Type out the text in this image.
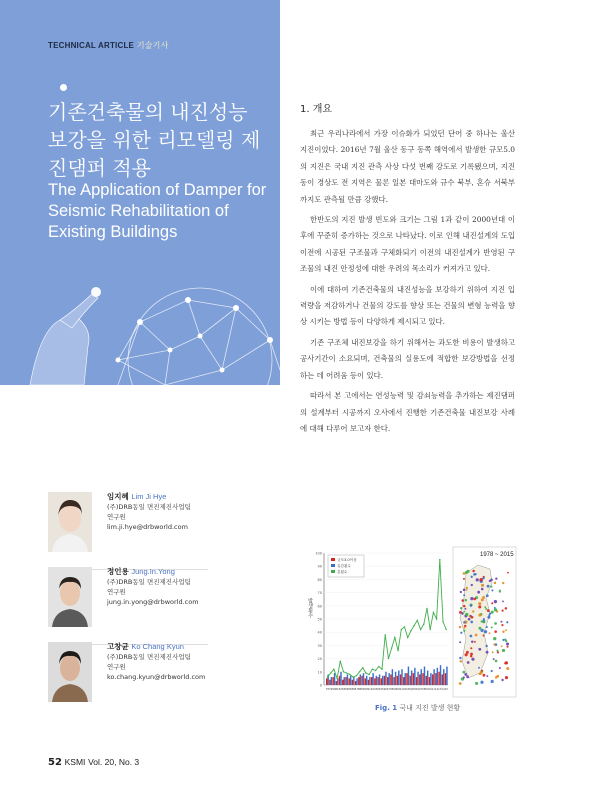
TECHNICAL ARTICLE 기술기사
기존건축물의 내진성능 보강을 위한 리모델링 제진댐퍼 적용
The Application of Damper for Seismic Rehabilitation of Existing Buildings
임지혜 Lim Ji Hye
(주)DRB동일 면진제진사업팀
연구원
lim.ji.hye@drbworld.com
정인용 Jung.In.Yong
(주)DRB동일 면진제진사업팀
연구원
jung.in.yong@drbworld.com
고창균 Ko Chang Kyun
(주)DRB동일 면진제진사업팀
연구원
ko.chang.kyun@drbworld.com
1. 개요

최근 우리나라에서 가장 이슈화가 되었던 단어 중 하나는 울산 지진이었다. 2016년 7월 울산 동구 동쪽 해역에서 발생한 규모5.0의 지진은 국내 지진 관측 사상 다섯 번째 강도로 기록됐으며, 지진동이 경상도 전 지역은 물론 일본 대마도와 규수 북부, 혼슈 서북부까지도 관측될 만큼 강했다.

한반도의 지진 발생 빈도와 크기는 그림 1과 같이 2000년대 이후에 꾸준히 증가하는 것으로 나타났다. 이로 인해 내진설계의 도입 이전에 시공된 구조물과 구체화되기 이전의 내진설계가 반영된 구조물의 내진 안정성에 대한 우려의 목소리가 커져가고 있다.

이에 대하여 기존건축물의 내진성능을 보강하기 위하여 지진 입력량을 저감하거나 건물의 강도를 향상 또는 건물의 변형 능력을 향상 시키는 방법 등이 다양하게 제시되고 있다.

기존 구조체 내진보강을 하기 위해서는 과도한 비용이 발생하고 공사기간이 소요되며, 건축물의 실용도에 적합한 보강방법을 선정하는 데 어려움 등이 있다.

따라서 본 고에서는 연성능력 및 감쇠능력을 추가하는 제진댐퍼의 설계부터 시공까지 오사에서 진행한 기존건축물 내진보강 사례에 대해 다루어 보고자 한다.

0
10
20
30
40
50
60
70
80
90
100
78 79 80 81 82 83 84 85 86 87 88 89 90 91 92 93 94 95 96 97 98 99 00 01 02 03 04 05 06 07 08 09 10 11 12 13 14 15
규모3.0이상
유감횟수
총횟수
1978 ~ 2015
발생횟수
Fig. 1 국내 지진 발생 현황
52 KSMI Vol. 20, No. 3
